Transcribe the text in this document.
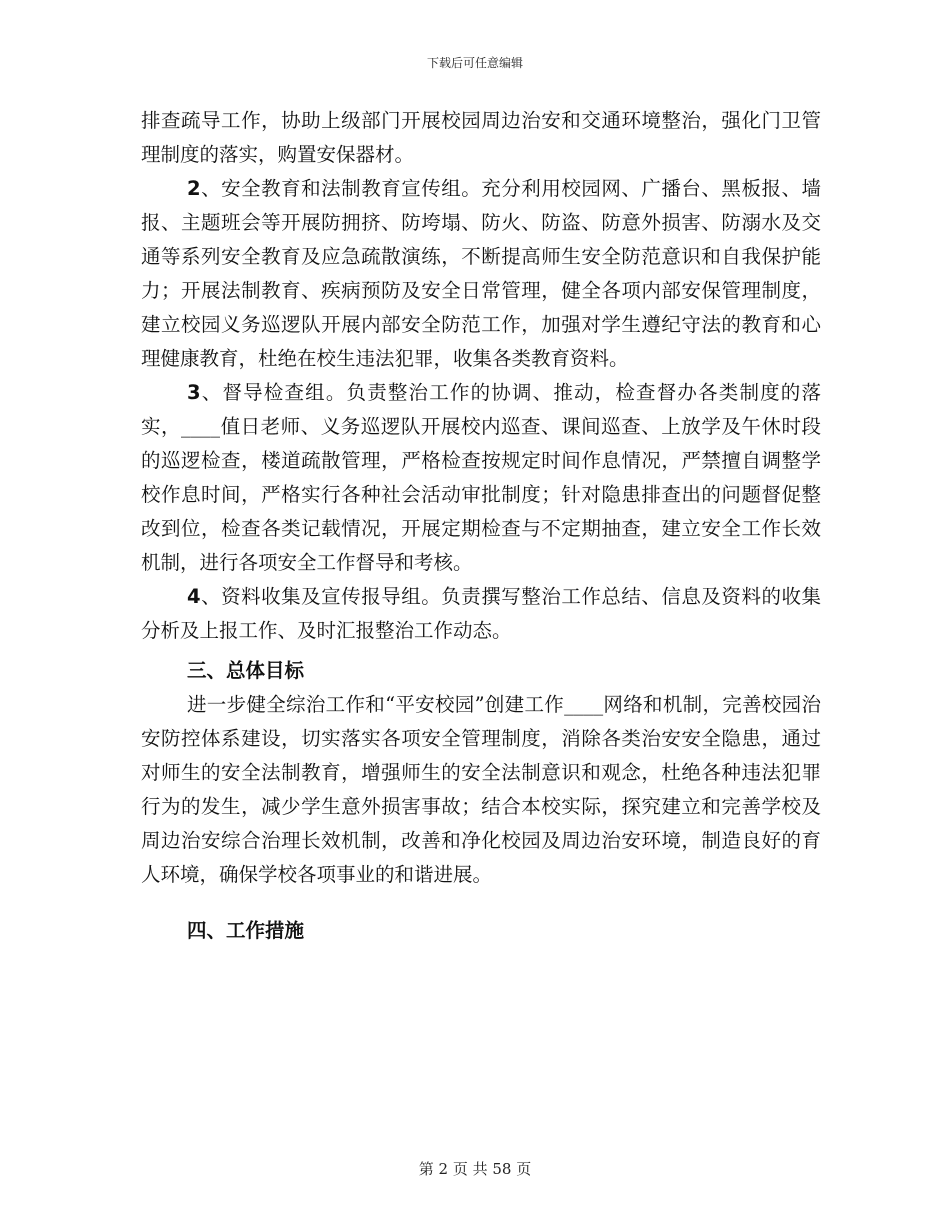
下载后可任意编辑

排查疏导工作，协助上级部门开展校园周边治安和交通环境整治，强化门卫管理制度的落实，购置安保器材。

2、安全教育和法制教育宣传组。充分利用校园网、广播台、黑板报、墙报、主题班会等开展防拥挤、防垮塌、防火、防盗、防意外损害、防溺水及交通等系列安全教育及应急疏散演练，不断提高师生安全防范意识和自我保护能力；开展法制教育、疾病预防及安全日常管理，健全各项内部安保管理制度，建立校园义务巡逻队开展内部安全防范工作，加强对学生遵纪守法的教育和心理健康教育，杜绝在校生违法犯罪，收集各类教育资料。

3、督导检查组。负责整治工作的协调、推动，检查督办各类制度的落实，____值日老师、义务巡逻队开展校内巡查、课间巡查、上放学及午休时段的巡逻检查，楼道疏散管理，严格检查按规定时间作息情况，严禁擅自调整学校作息时间，严格实行各种社会活动审批制度；针对隐患排查出的问题督促整改到位，检查各类记载情况，开展定期检查与不定期抽查，建立安全工作长效机制，进行各项安全工作督导和考核。

4、资料收集及宣传报导组。负责撰写整治工作总结、信息及资料的收集分析及上报工作、及时汇报整治工作动态。

三、总体目标

进一步健全综治工作和“平安校园”创建工作____网络和机制，完善校园治安防控体系建设，切实落实各项安全管理制度，消除各类治安安全隐患，通过对师生的安全法制教育，增强师生的安全法制意识和观念，杜绝各种违法犯罪行为的发生，减少学生意外损害事故；结合本校实际，探究建立和完善学校及周边治安综合治理长效机制，改善和净化校园及周边治安环境，制造良好的育人环境，确保学校各项事业的和谐进展。

四、工作措施

第 2 页 共 58 页
